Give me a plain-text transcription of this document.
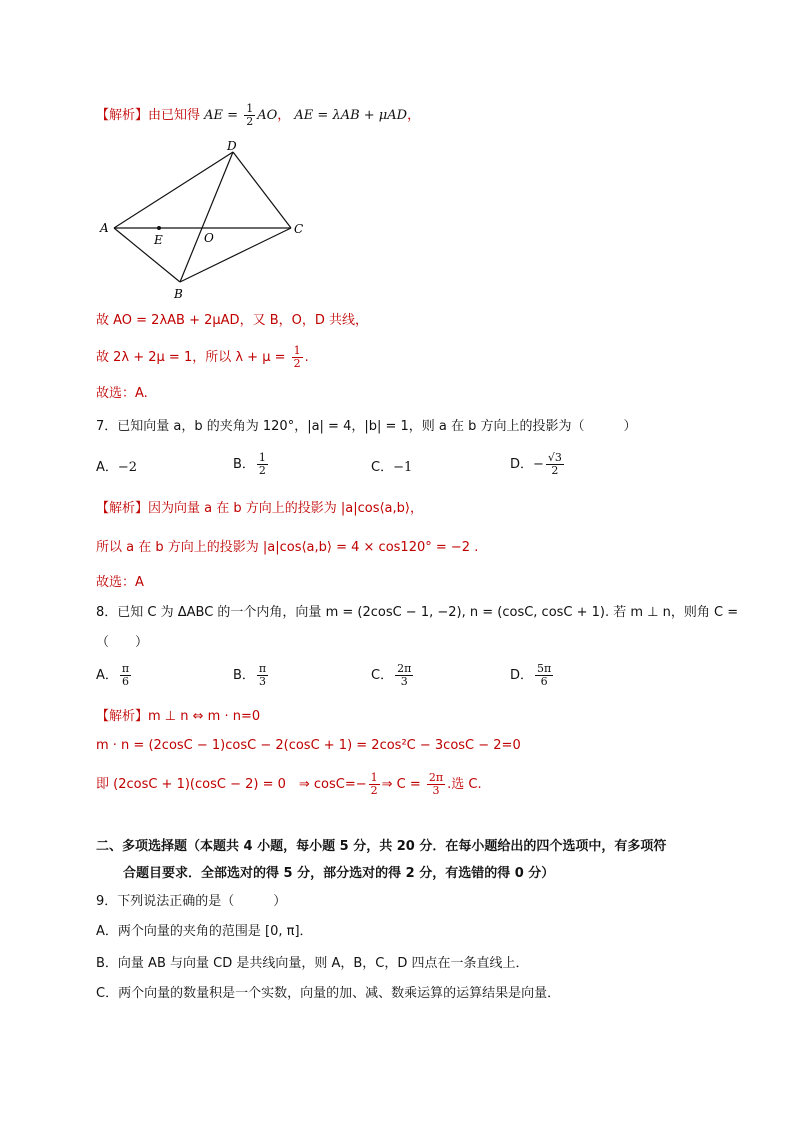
【解析】由已知得 AE = $\frac{1}{2}$ AO， AE = λAB + μAD，
D
A
E	O
C
B
故 AO = 2λAB + 2μAD，又 B，O，D 共线，
故 2λ + 2μ = 1，所以 $\lambda + \mu = \frac{1}{2}$ .
故选：A.
7．已知向量 a，b 的夹角为 120°，|a| = 4，|b| = 1，则 a 在 b 方向上的投影为（　　　）
A．−2	B． $\frac{1}{2}$	C．−1	D．− $\frac{√3}{2}$
【解析】因为向量 a 在 b 方向上的投影为 |a|cos⟨a,b⟩，
所以 a 在 b 方向上的投影为 |a|cos⟨a,b⟩ = 4 × cos120° = −2 .
故选：A
8．已知 C 为 ΔABC 的一个内角，向量 m = (2cosC − 1, −2), n = (cosC, cosC + 1). 若 m ⊥ n，则角 C =
（　　）
A． $\frac{\pi}{6}$	B． $\frac{\pi}{3}$	C． $\frac{2\pi}{3}$	D． $\frac{5\pi}{6}$
【解析】m ⊥ n ⇔ m · n=0
m · n = (2cosC − 1)cosC − 2(cosC + 1) = 2cos²C − 3cosC − 2=0
即 (2cosC + 1)(cosC − 2) = 0　⇒ $\cos C=- \frac{1}{2}$ ⇒ $C = \frac{2\pi}{3}$ .选 C.
二、多项选择题（本题共 4 小题，每小题 5 分，共 20 分．在每小题给出的四个选项中，有多项符
合题目要求．全部选对的得 5 分，部分选对的得 2 分，有选错的得 0 分）
9．下列说法正确的是（　　　）
A．两个向量的夹角的范围是 [0, π]．
B．向量 AB 与向量 CD 是共线向量，则 A，B，C，D 四点在一条直线上．
C．两个向量的数量积是一个实数，向量的加、减、数乘运算的运算结果是向量．
